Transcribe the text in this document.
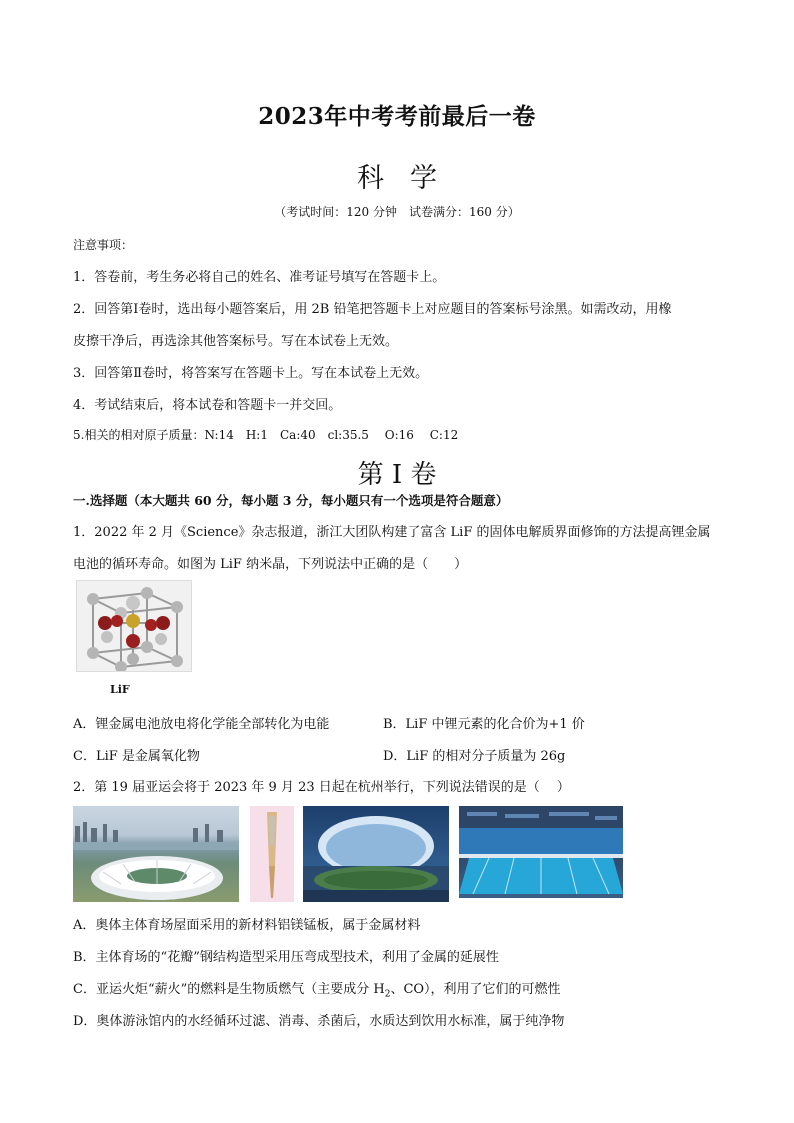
2023年中考考前最后一卷
科学
（考试时间：120 分钟　试卷满分：160 分）
注意事项：
1．答卷前，考生务必将自己的姓名、准考证号填写在答题卡上。
2．回答第Ⅰ卷时，选出每小题答案后，用 2B 铅笔把答题卡上对应题目的答案标号涂黑。如需改动，用橡
皮擦干净后，再选涂其他答案标号。写在本试卷上无效。
3．回答第Ⅱ卷时，将答案写在答题卡上。写在本试卷上无效。
4．考试结束后，将本试卷和答题卡一并交回。
5.相关的相对原子质量：N:14　H:1　Ca:40　cl:35.5　 O:16　 C:12
第 I 卷
一.选择题（本大题共 60 分，每小题 3 分，每小题只有一个选项是符合题意）
1．2022 年 2 月《Science》杂志报道，浙江大团队构建了富含 LiF 的固体电解质界面修饰的方法提高锂金属
电池的循环寿命。如图为 LiF 纳米晶，下列说法中正确的是（　　）
LiF
A．锂金属电池放电将化学能全部转化为电能	B．LiF 中锂元素的化合价为+1 价
C．LiF 是金属氧化物	D．LiF 的相对分子质量为 26g
2．第 19 届亚运会将于 2023 年 9 月 23 日起在杭州举行，下列说法错误的是（　 ）
A．奥体主体育场屋面采用的新材料铝镁锰板，属于金属材料
B．主体育场的“花瓣”钢结构造型采用压弯成型技术，利用了金属的延展性
C．亚运火炬“薪火”的燃料是生物质燃气（主要成分 $H_2$、CO），利用了它们的可燃性
D．奥体游泳馆内的水经循环过滤、消毒、杀菌后，水质达到饮用水标准，属于纯净物
